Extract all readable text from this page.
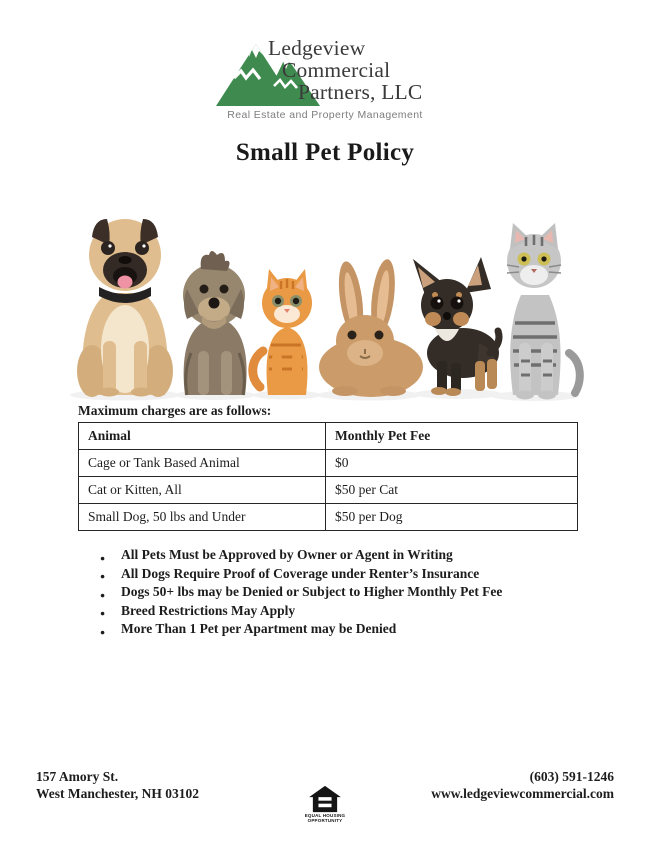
Ledgeview
Commercial
Partners, LLC
Real Estate and Property Management
Small Pet Policy
Maximum charges are as follows:
Animal	Monthly Pet Fee
Cage or Tank Based Animal	$0
Cat or Kitten, All	$50 per Cat
Small Dog, 50 lbs and Under	$50 per Dog
● All Pets Must be Approved by Owner or Agent in Writing
● All Dogs Require Proof of Coverage under Renter’s Insurance
● Dogs 50+ lbs may be Denied or Subject to Higher Monthly Pet Fee
● Breed Restrictions May Apply
● More Than 1 Pet per Apartment may be Denied
157 Amory St.
West Manchester, NH 03102
EQUAL HOUSING
OPPORTUNITY
(603) 591-1246
www.ledgeviewcommercial.com
